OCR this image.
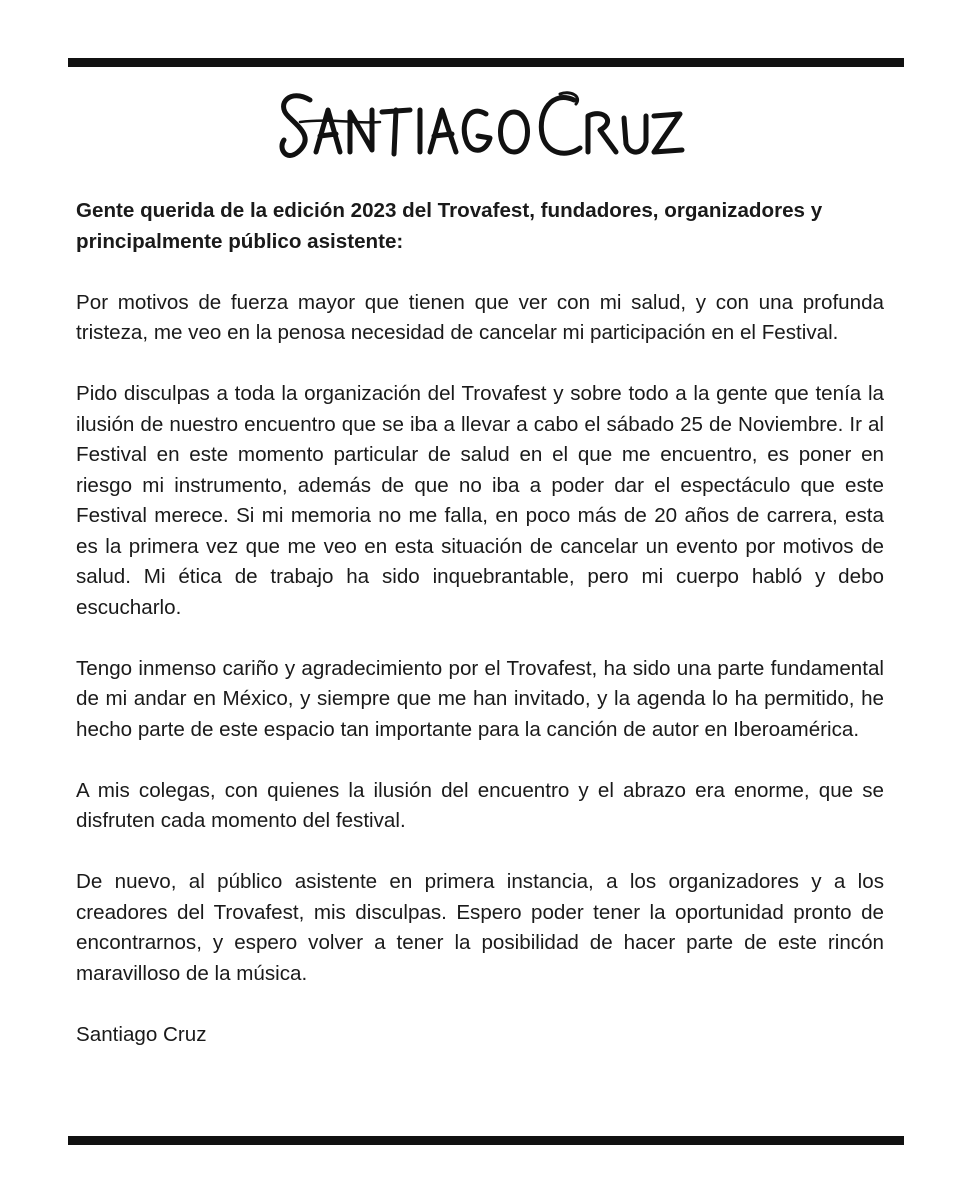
Gente querida de la edición 2023 del Trovafest, fundadores, organizadores y principalmente público asistente:

Por motivos de fuerza mayor que tienen que ver con mi salud, y con una profunda tristeza, me veo en la penosa necesidad de cancelar mi participación en el Festival.

Pido disculpas a toda la organización del Trovafest y sobre todo a la gente que tenía la ilusión de nuestro encuentro que se iba a llevar a cabo el sábado 25 de Noviembre. Ir al Festival en este momento particular de salud en el que me encuentro, es poner en riesgo mi instrumento, además de que no iba a poder dar el espectáculo que este Festival merece. Si mi memoria no me falla, en poco más de 20 años de carrera, esta es la primera vez que me veo en esta situación de cancelar un evento por motivos de salud. Mi ética de trabajo ha sido inquebrantable, pero mi cuerpo habló y debo escucharlo.

Tengo inmenso cariño y agradecimiento por el Trovafest, ha sido una parte fundamental de mi andar en México, y siempre que me han invitado, y la agenda lo ha permitido, he hecho parte de este espacio tan importante para la canción de autor en Iberoamérica.

A mis colegas, con quienes la ilusión del encuentro y el abrazo era enorme, que se disfruten cada momento del festival.

De nuevo, al público asistente en primera instancia, a los organizadores y a los creadores del Trovafest, mis disculpas. Espero poder tener la oportunidad pronto de encontrarnos, y espero volver a tener la posibilidad de hacer parte de este rincón maravilloso de la música.

Santiago Cruz
